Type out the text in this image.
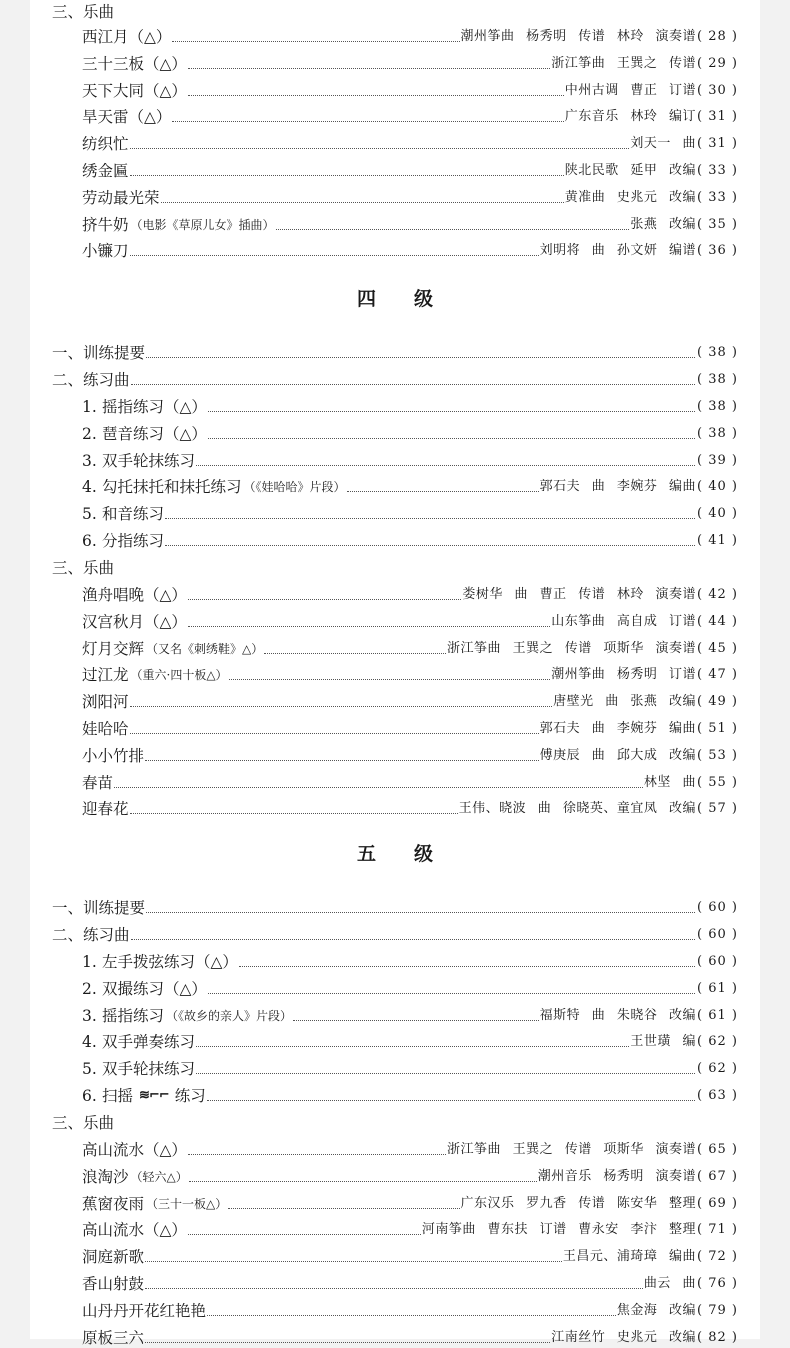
三、乐曲
西江月（△）	潮州筝曲 杨秀明 传谱 林玲 演奏谱 ( 28 )
三十三板（△）	浙江筝曲 王巽之 传谱 ( 29 )
天下大同（△）	中州古调 曹正 订谱 ( 30 )
旱天雷（△）	广东音乐 林玲 编订 ( 31 )
纺织忙	刘天一 曲 ( 31 )
绣金匾	陕北民歌 延甲 改编 ( 33 )
劳动最光荣	黄准曲 史兆元 改编 ( 33 )
挤牛奶 （电影《草原儿女》插曲）	张燕 改编 ( 35 )
小镰刀	刘明将 曲 孙文妍 编谱 ( 36 )
四 级
一、训练提要	( 38 )
二、练习曲	( 38 )
1. 摇指练习（△）	( 38 )
2. 琶音练习（△）	( 38 )
3. 双手轮抹练习	( 39 )
4. 勾托抹托和抹托练习 （《娃哈哈》片段）	郭石夫 曲 李婉芬 编曲 ( 40 )
5. 和音练习	( 40 )
6. 分指练习	( 41 )
三、乐曲
渔舟唱晚（△）	娄树华 曲 曹正 传谱 林玲 演奏谱 ( 42 )
汉宫秋月（△）	山东筝曲 高自成 订谱 ( 44 )
灯月交辉 （又名《刺绣鞋》△）	浙江筝曲 王巽之 传谱 项斯华 演奏谱 ( 45 )
过江龙 （重六·四十板△）	潮州筝曲 杨秀明 订谱 ( 47 )
浏阳河	唐壁光 曲 张燕 改编 ( 49 )
娃哈哈	郭石夫 曲 李婉芬 编曲 ( 51 )
小小竹排	傅庚辰 曲 邱大成 改编 ( 53 )
春苗	林坚 曲 ( 55 )
迎春花	王伟、晓波 曲 徐晓英、童宜凤 改编 ( 57 )
五 级
一、训练提要	( 60 )
二、练习曲	( 60 )
1. 左手拨弦练习（△）	( 60 )
2. 双撮练习（△）	( 61 )
3. 摇指练习 （《故乡的亲人》片段）	福斯特 曲 朱晓谷 改编 ( 61 )
4. 双手弹奏练习	王世璜 编 ( 62 )
5. 双手轮抹练习	( 62 )
6. 扫摇 ≋⌐⌐ 练习	( 63 )
三、乐曲
高山流水（△）	浙江筝曲 王巽之 传谱 项斯华 演奏谱 ( 65 )
浪淘沙 （轻六△）	潮州音乐 杨秀明 演奏谱 ( 67 )
蕉窗夜雨 （三十一板△）	广东汉乐 罗九香 传谱 陈安华 整理 ( 69 )
高山流水（△）	河南筝曲 曹东扶 订谱 曹永安 李汴 整理 ( 71 )
洞庭新歌	王昌元、浦琦璋 编曲 ( 72 )
香山射鼓	曲云 曲 ( 76 )
山丹丹开花红艳艳	焦金海 改编 ( 79 )
原板三六	江南丝竹 史兆元 改编 ( 82 )
